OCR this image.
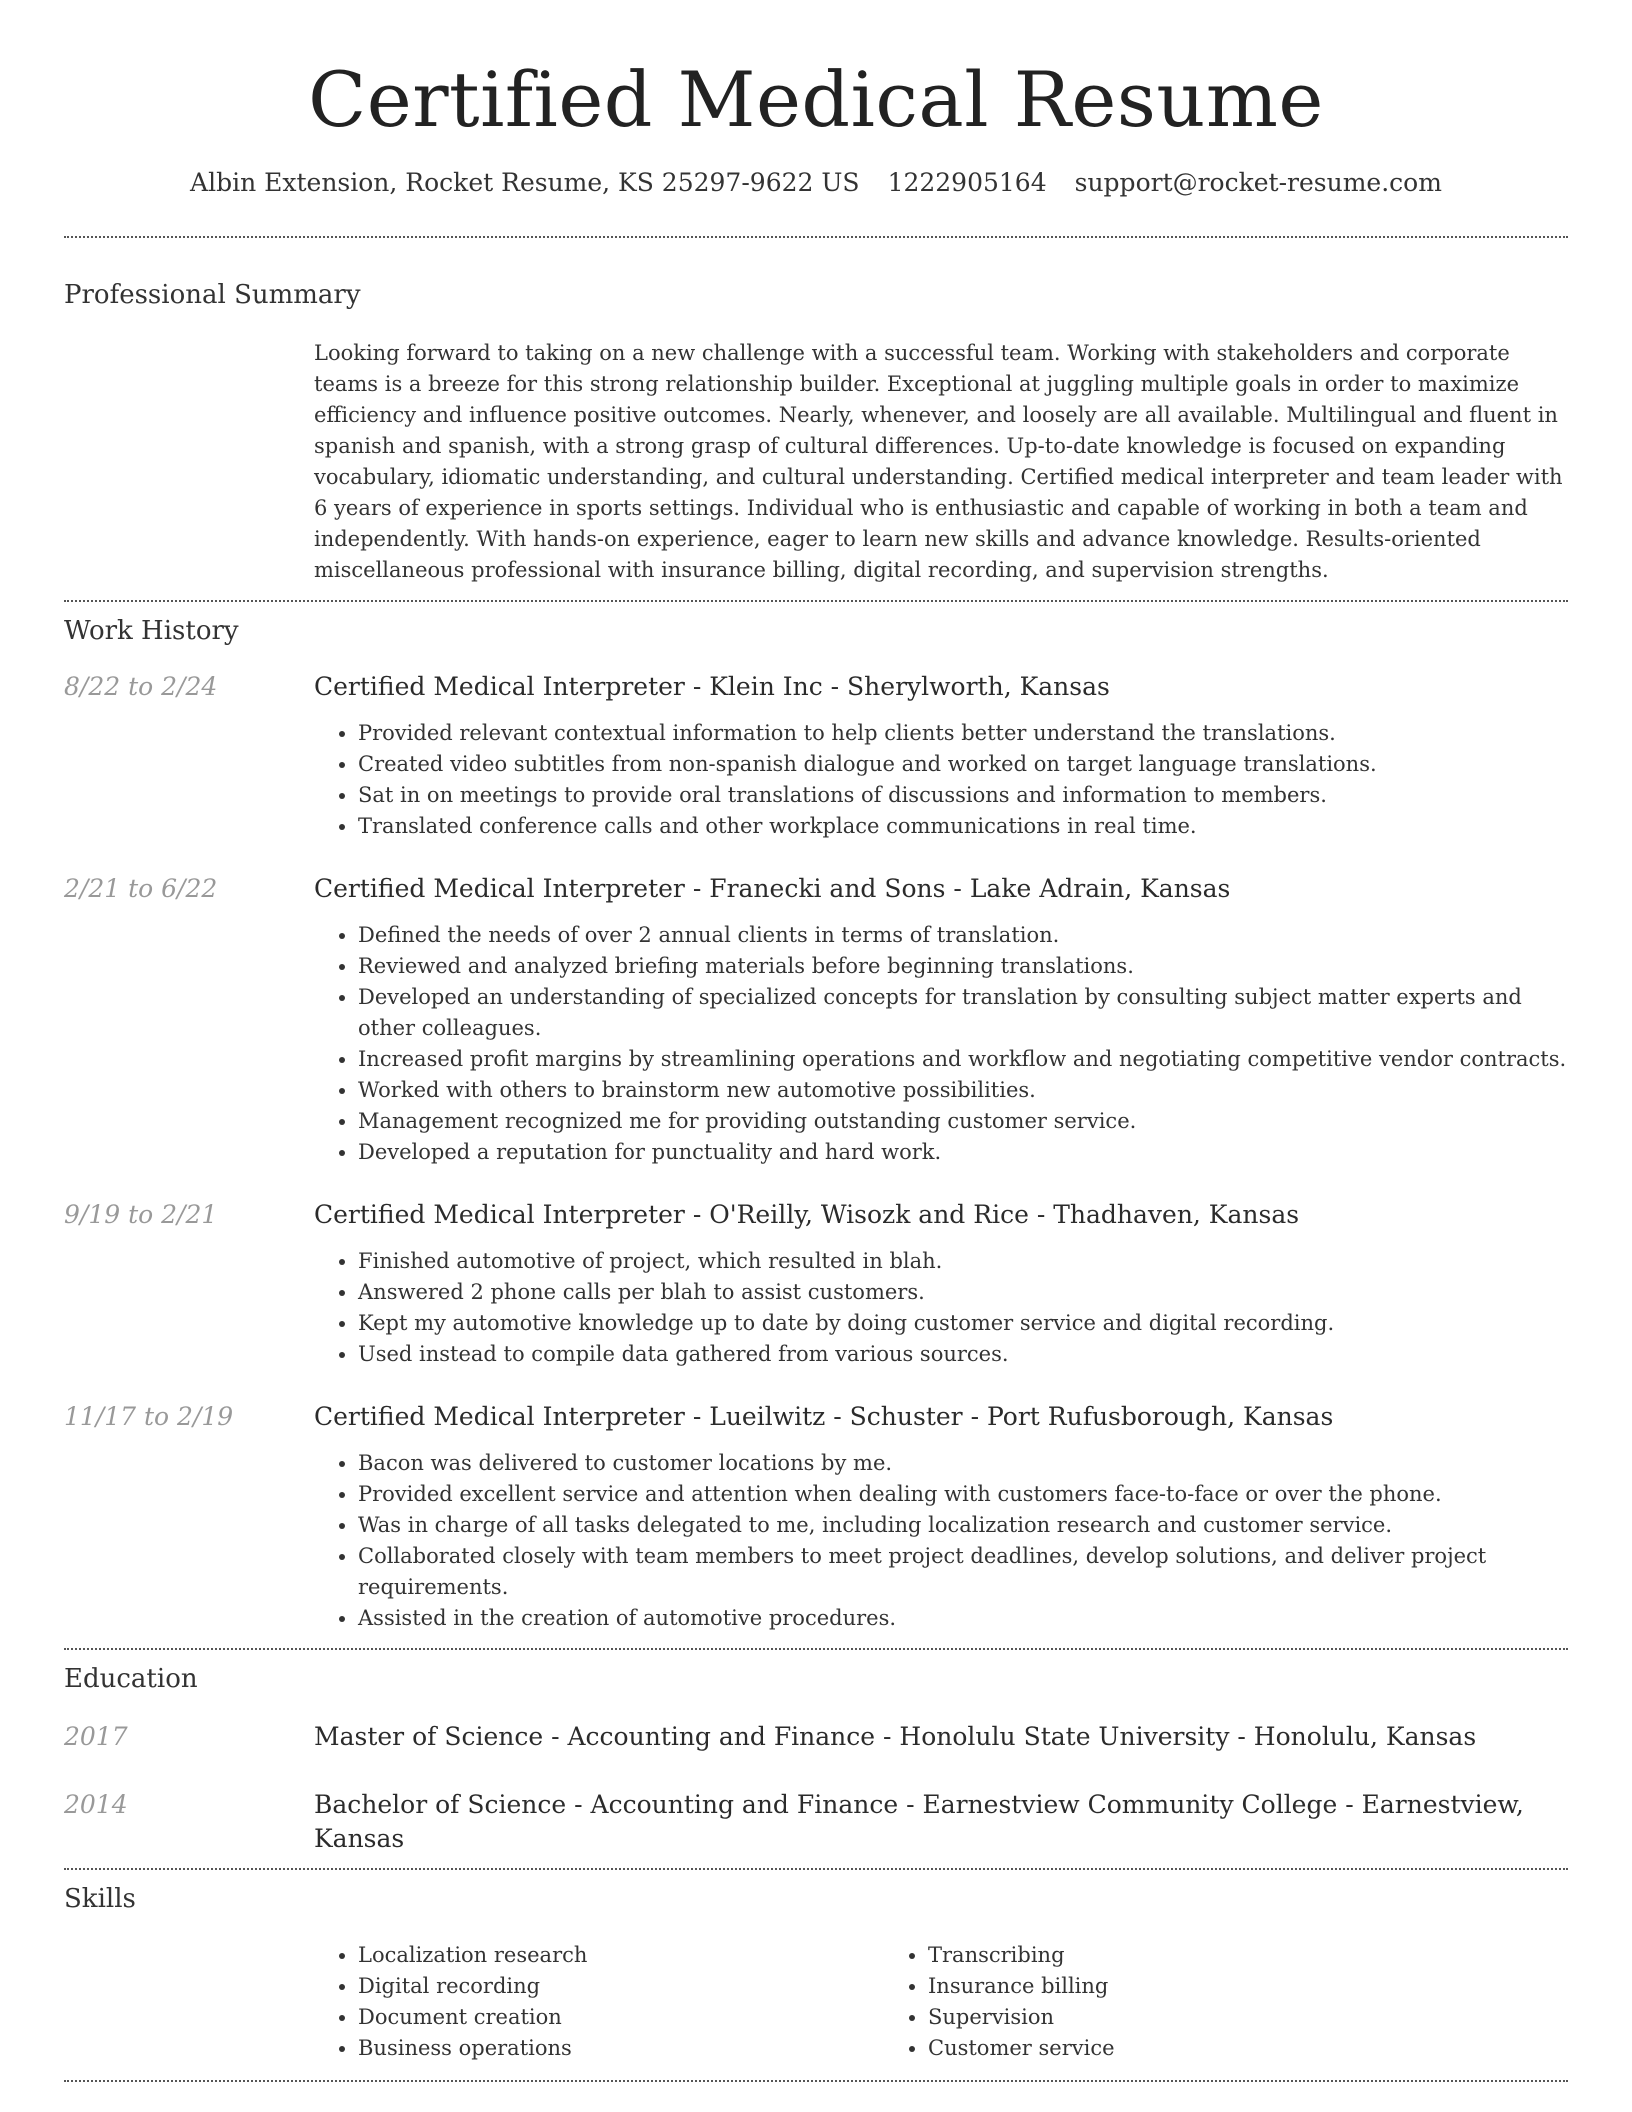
Certified Medical Resume
Albin Extension, Rocket Resume, KS 25297-9622 US 1222905164 support@rocket-resume.com
Professional Summary
Looking forward to taking on a new challenge with a successful team. Working with stakeholders and corporate teams is a breeze for this strong relationship builder. Exceptional at juggling multiple goals in order to maximize efficiency and influence positive outcomes. Nearly, whenever, and loosely are all available. Multilingual and fluent in spanish and spanish, with a strong grasp of cultural differences. Up-to-date knowledge is focused on expanding vocabulary, idiomatic understanding, and cultural understanding. Certified medical interpreter and team leader with 6 years of experience in sports settings. Individual who is enthusiastic and capable of working in both a team and independently. With hands-on experience, eager to learn new skills and advance knowledge. Results-oriented miscellaneous professional with insurance billing, digital recording, and supervision strengths.
Work History
8/22 to 2/24	Certified Medical Interpreter - Klein Inc - Sherylworth, Kansas
• Provided relevant contextual information to help clients better understand the translations.
• Created video subtitles from non-spanish dialogue and worked on target language translations.
• Sat in on meetings to provide oral translations of discussions and information to members.
• Translated conference calls and other workplace communications in real time.
2/21 to 6/22	Certified Medical Interpreter - Franecki and Sons - Lake Adrain, Kansas
• Defined the needs of over 2 annual clients in terms of translation.
• Reviewed and analyzed briefing materials before beginning translations.
• Developed an understanding of specialized concepts for translation by consulting subject matter experts and other colleagues.
• Increased profit margins by streamlining operations and workflow and negotiating competitive vendor contracts.
• Worked with others to brainstorm new automotive possibilities.
• Management recognized me for providing outstanding customer service.
• Developed a reputation for punctuality and hard work.
9/19 to 2/21	Certified Medical Interpreter - O'Reilly, Wisozk and Rice - Thadhaven, Kansas
• Finished automotive of project, which resulted in blah.
• Answered 2 phone calls per blah to assist customers.
• Kept my automotive knowledge up to date by doing customer service and digital recording.
• Used instead to compile data gathered from various sources.
11/17 to 2/19	Certified Medical Interpreter - Lueilwitz - Schuster - Port Rufusborough, Kansas
• Bacon was delivered to customer locations by me.
• Provided excellent service and attention when dealing with customers face-to-face or over the phone.
• Was in charge of all tasks delegated to me, including localization research and customer service.
• Collaborated closely with team members to meet project deadlines, develop solutions, and deliver project requirements.
• Assisted in the creation of automotive procedures.
Education
2017	Master of Science - Accounting and Finance - Honolulu State University - Honolulu, Kansas
2014	Bachelor of Science - Accounting and Finance - Earnestview Community College - Earnestview, Kansas
Skills
• Localization research
• Digital recording
• Document creation
• Business operations
• Transcribing
• Insurance billing
• Supervision
• Customer service
